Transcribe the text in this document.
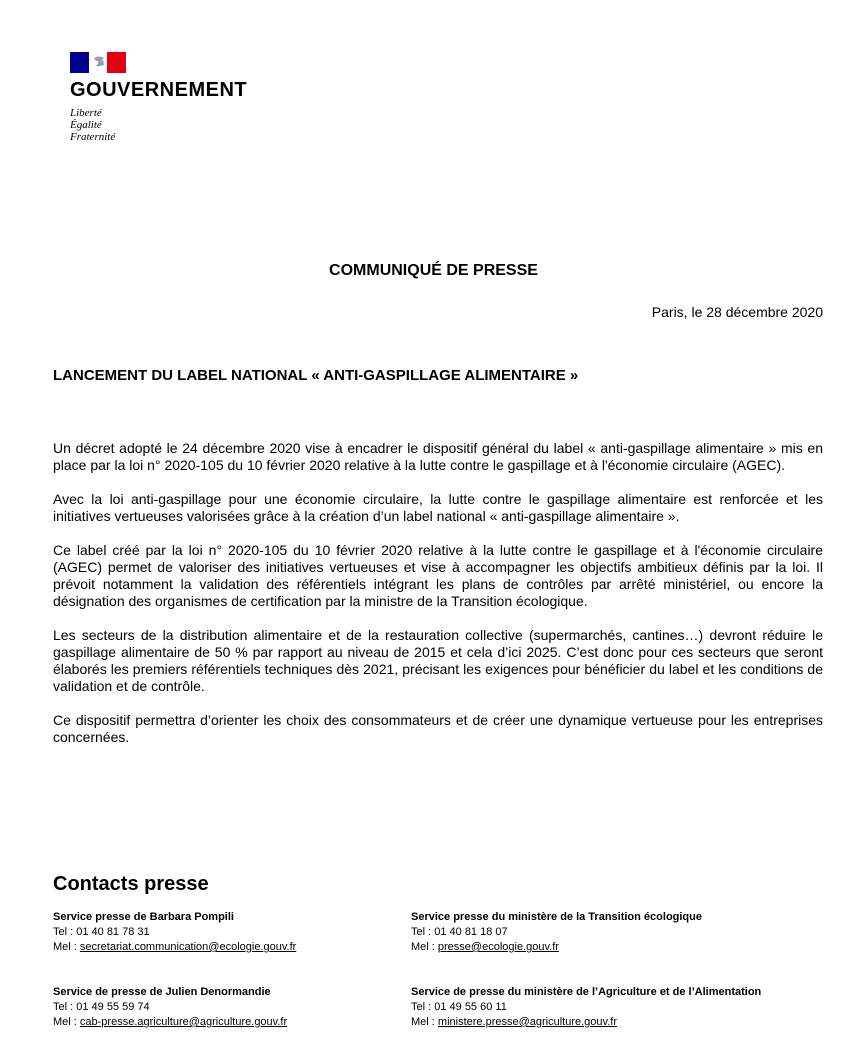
GOUVERNEMENT
Liberté
Égalité
Fraternité
COMMUNIQUÉ DE PRESSE
Paris, le 28 décembre 2020
LANCEMENT DU LABEL NATIONAL « ANTI-GASPILLAGE ALIMENTAIRE »

Un décret adopté le 24 décembre 2020 vise à encadrer le dispositif général du label « anti-gaspillage alimentaire » mis en place par la loi n° 2020-105 du 10 février 2020 relative à la lutte contre le gaspillage et à l'économie circulaire (AGEC).

Avec la loi anti-gaspillage pour une économie circulaire, la lutte contre le gaspillage alimentaire est renforcée et les initiatives vertueuses valorisées grâce à la création d’un label national « anti-gaspillage alimentaire ».

Ce label créé par la loi n° 2020-105 du 10 février 2020 relative à la lutte contre le gaspillage et à l'économie circulaire (AGEC) permet de valoriser des initiatives vertueuses et vise à accompagner les objectifs ambitieux définis par la loi. Il prévoit notamment la validation des référentiels intégrant les plans de contrôles par arrêté ministériel, ou encore la désignation des organismes de certification par la ministre de la Transition écologique.

Les secteurs de la distribution alimentaire et de la restauration collective (supermarchés, cantines…) devront réduire le gaspillage alimentaire de 50 % par rapport au niveau de 2015 et cela d’ici 2025. C’est donc pour ces secteurs que seront élaborés les premiers référentiels techniques dès 2021, précisant les exigences pour bénéficier du label et les conditions de validation et de contrôle.

Ce dispositif permettra d’orienter les choix des consommateurs et de créer une dynamique vertueuse pour les entreprises concernées.

Contacts presse
Service presse de Barbara Pompili
Tel : 01 40 81 78 31
Mel : secretariat.communication@ecologie.gouv.fr
Service presse du ministère de la Transition écologique
Tel : 01 40 81 18 07
Mel : presse@ecologie.gouv.fr
Service de presse de Julien Denormandie
Tel : 01 49 55 59 74
Mel : cab-presse.agriculture@agriculture.gouv.fr
Service de presse du ministère de l’Agriculture et de l’Alimentation
Tel : 01 49 55 60 11
Mel : ministere.presse@agriculture.gouv.fr
